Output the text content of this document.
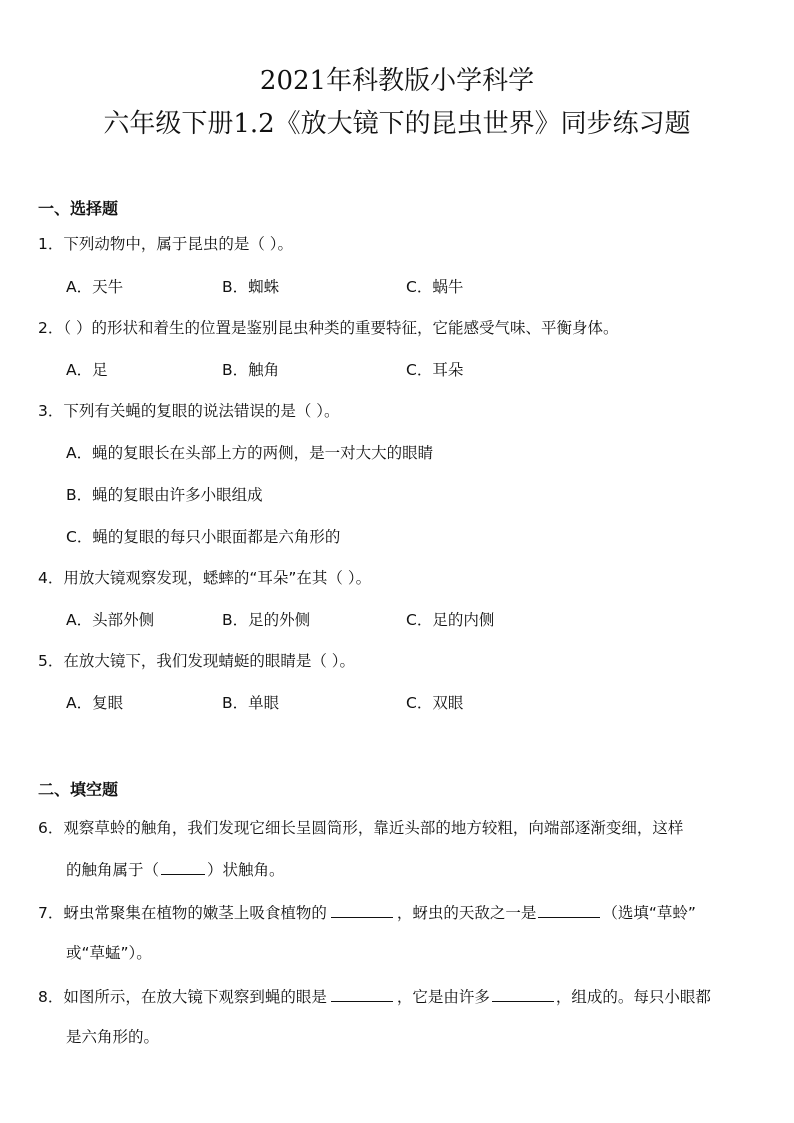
2021年科教版小学科学
六年级下册1.2《放大镜下的昆虫世界》同步练习题
一、选择题
1．下列动物中，属于昆虫的是（ ）。
A．天牛	B．蜘蛛	C．蜗牛
2．（ ）的形状和着生的位置是鉴别昆虫种类的重要特征，它能感受气味、平衡身体。
A．足	B．触角	C．耳朵
3．下列有关蝇的复眼的说法错误的是（ ）。
A．蝇的复眼长在头部上方的两侧，是一对大大的眼睛
B．蝇的复眼由许多小眼组成
C．蝇的复眼的每只小眼面都是六角形的
4．用放大镜观察发现，蟋蟀的“耳朵”在其（ ）。
A．头部外侧	B．足的外侧	C．足的内侧
5．在放大镜下，我们发现蜻蜓的眼睛是（ ）。
A．复眼	B．单眼	C．双眼
二、填空题
6．观察草蛉的触角，我们发现它细长呈圆筒形，靠近头部的地方较粗，向端部逐渐变细，这样
的触角属于（	）状触角。
7．蚜虫常聚集在植物的嫩茎上吸食植物的	，蚜虫的天敌之一是	（选填“草蛉”
或“草蜢”）。
8．如图所示，在放大镜下观察到蝇的眼是	，它是由许多	，组成的。每只小眼都
是六角形的。
